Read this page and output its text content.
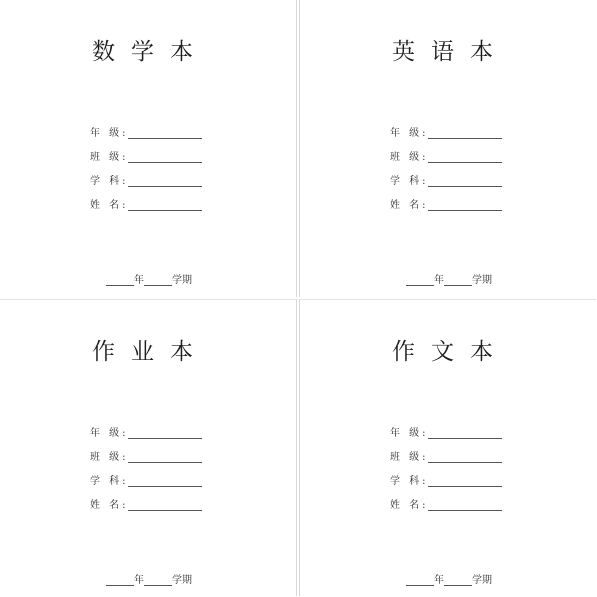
数学本
年 级:
班 级:
学 科:
姓 名:
年	学期
英语本
年 级:
班 级:
学 科:
姓 名:
年	学期
作业本
年 级:
班 级:
学 科:
姓 名:
年	学期
作文本
年 级:
班 级:
学 科:
姓 名:
年	学期
